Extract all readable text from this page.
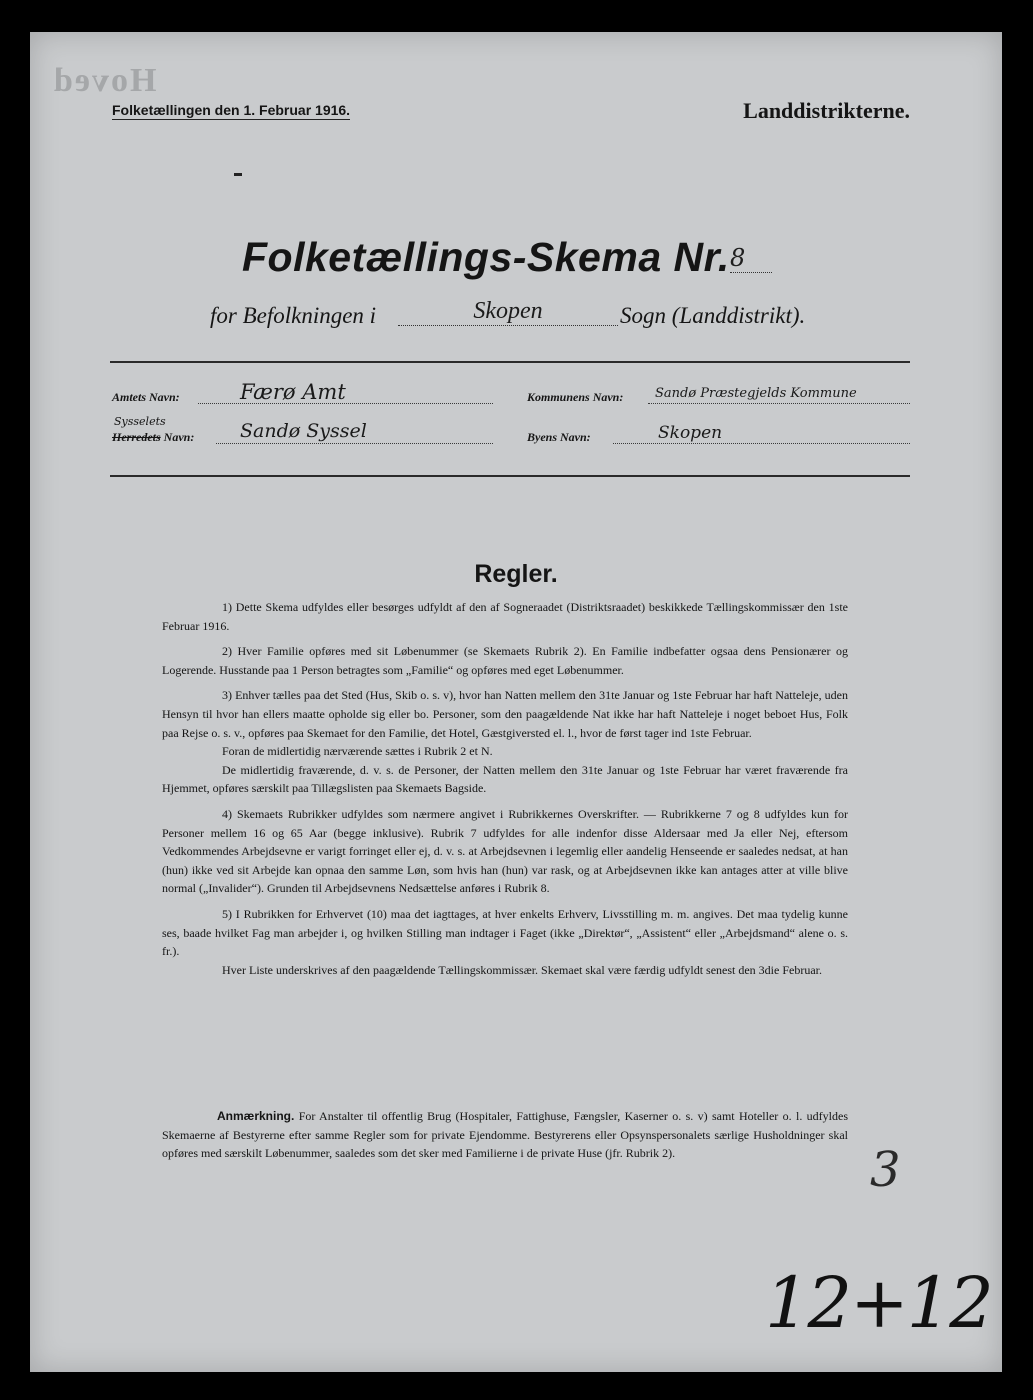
Hoved
Folketællingen den 1. Februar 1916.	Landdistrikterne.
Folketællings-Skema Nr. 8
for Befolkningen i	Skopen	Sogn (Landdistrikt).
Amtets Navn:	Færø Amt
Sysselets
Herredets Navn: Sandø Syssel
Kommunens Navn: Sandø Præstegjelds Kommune
Byens Navn:	Skopen
Regler.

1) Dette Skema udfyldes eller besørges udfyldt af den af Sogneraadet (Distriktsraadet) beskikkede Tællingskommissær den 1ste Februar 1916.

2) Hver Familie opføres med sit Løbenummer (se Skemaets Rubrik 2). En Familie indbefatter ogsaa dens Pensionærer og Logerende. Husstande paa 1 Person betragtes som „Familie“ og opføres med eget Løbenummer.

3) Enhver tælles paa det Sted (Hus, Skib o. s. v), hvor han Natten mellem den 31te Januar og 1ste Februar har haft Natteleje, uden Hensyn til hvor han ellers maatte opholde sig eller bo. Personer, som den paagældende Nat ikke har haft Natteleje i noget beboet Hus, Folk paa Rejse o. s. v., opføres paa Skemaet for den Familie, det Hotel, Gæstgiversted el. l., hvor de først tager ind 1ste Februar.

Foran de midlertidig nærværende sættes i Rubrik 2 et N.

De midlertidig fraværende, d. v. s. de Personer, der Natten mellem den 31te Januar og 1ste Februar har været fraværende fra Hjemmet, opføres særskilt paa Tillægslisten paa Skemaets Bagside.

4) Skemaets Rubrikker udfyldes som nærmere angivet i Rubrikkernes Overskrifter. — Rubrikkerne 7 og 8 udfyldes kun for Personer mellem 16 og 65 Aar (begge inklusive). Rubrik 7 udfyldes for alle indenfor disse Aldersaar med Ja eller Nej, eftersom Vedkommendes Arbejdsevne er varigt forringet eller ej, d. v. s. at Arbejdsevnen i legemlig eller aandelig Henseende er saaledes nedsat, at han (hun) ikke ved sit Arbejde kan opnaa den samme Løn, som hvis han (hun) var rask, og at Arbejdsevnen ikke kan antages atter at ville blive normal („Invalider“). Grunden til Arbejdsevnens Nedsættelse anføres i Rubrik 8.

5) I Rubrikken for Erhvervet (10) maa det iagttages, at hver enkelts Erhverv, Livsstilling m. m. angives. Det maa tydelig kunne ses, baade hvilket Fag man arbejder i, og hvilken Stilling man indtager i Faget (ikke „Direktør“, „Assistent“ eller „Arbejdsmand“ alene o. s. fr.).

Hver Liste underskrives af den paagældende Tællingskommissær. Skemaet skal være færdig udfyldt senest den 3die Februar.

Anmærkning. For Anstalter til offentlig Brug (Hospitaler, Fattighuse, Fængsler, Kaserner o. s. v) samt Hoteller o. l. udfyldes Skemaerne af Bestyrerne efter samme Regler som for private Ejendomme. Bestyrerens eller Opsynspersonalets særlige Husholdninger skal opføres med særskilt Løbenummer, saaledes som det sker med Familierne i de private Huse (jfr. Rubrik 2).	3
12+12
